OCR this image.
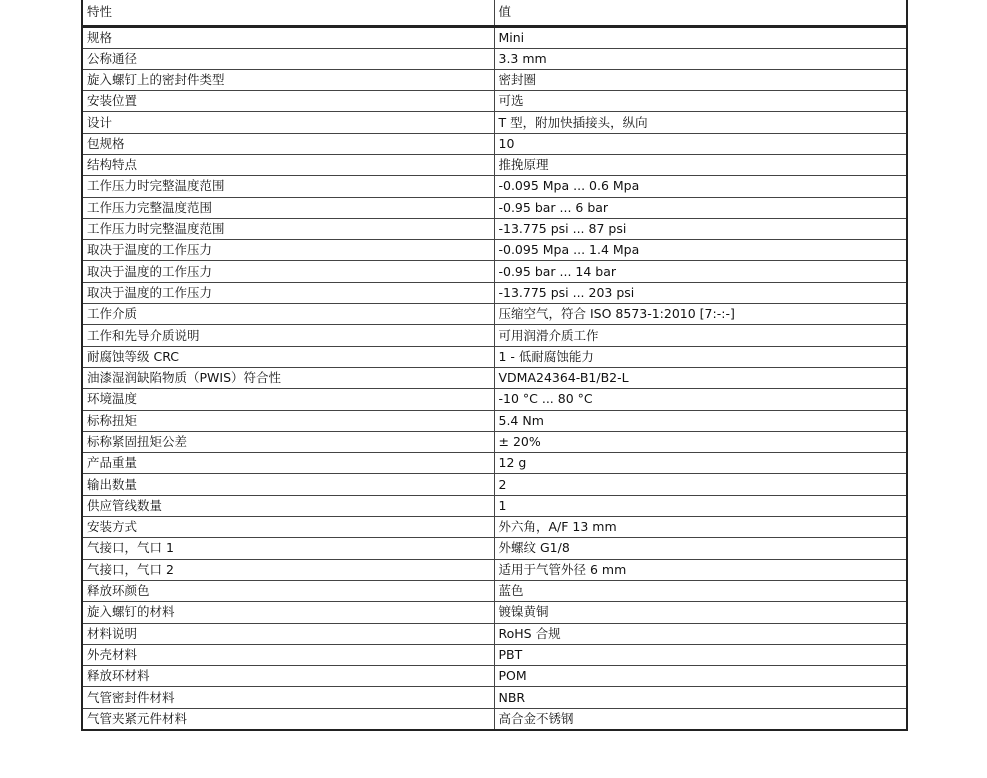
特性	值
规格	Mini
公称通径	3.3 mm
旋入螺钉上的密封件类型	密封圈
安装位置	可选
设计	T 型，附加快插接头，纵向
包规格	10
结构特点	推挽原理
工作压力时完整温度范围	-0.095 Mpa ... 0.6 Mpa
工作压力完整温度范围	-0.95 bar ... 6 bar
工作压力时完整温度范围	-13.775 psi ... 87 psi
取决于温度的工作压力	-0.095 Mpa ... 1.4 Mpa
取决于温度的工作压力	-0.95 bar ... 14 bar
取决于温度的工作压力	-13.775 psi ... 203 psi
工作介质	压缩空气，符合 ISO 8573-1:2010 [7:-:-]
工作和先导介质说明	可用润滑介质工作
耐腐蚀等级 CRC	1 - 低耐腐蚀能力
油漆湿润缺陷物质（PWIS）符合性	VDMA24364-B1/B2-L
环境温度	-10 °C ... 80 °C
标称扭矩	5.4 Nm
标称紧固扭矩公差	± 20%
产品重量	12 g
输出数量	2
供应管线数量	1
安装方式	外六角，A/F 13 mm
气接口，气口 1	外螺纹 G1/8
气接口，气口 2	适用于气管外径 6 mm
释放环颜色	蓝色
旋入螺钉的材料	镀镍黄铜
材料说明	RoHS 合规
外壳材料	PBT
释放环材料	POM
气管密封件材料	NBR
气管夹紧元件材料	高合金不锈钢
